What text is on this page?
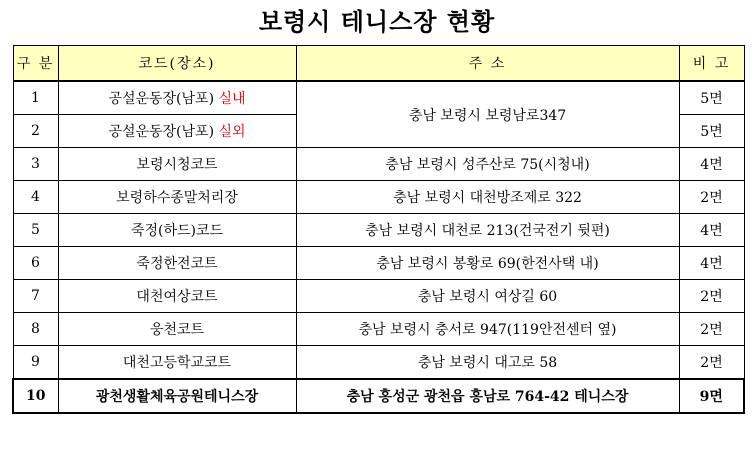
보령시 테니스장 현황
구 분	코드(장소)	주 소	비 고
1	공설운동장(남포) 실내	충남 보령시 보령남로347	5면
2	공설운동장(남포) 실외		5면
3	보령시청코트	충남 보령시 성주산로 75(시청내)	4면
4	보령하수종말처리장	충남 보령시 대천방조제로 322	2면
5	죽정(하드)코드	충남 보령시 대천로 213(건국전기 뒷편)	4면
6	죽정한전코트	충남 보령시 봉황로 69(한전사택 내)	4면
7	대천여상코트	충남 보령시 여상길 60	2면
8	웅천코트	충남 보령시 충서로 947(119안전센터 옆)	2면
9	대천고등학교코트	충남 보령시 대고로 58	2면
10	광천생활체육공원테니스장	충남 홍성군 광천읍 홍남로 764-42 테니스장	9면
